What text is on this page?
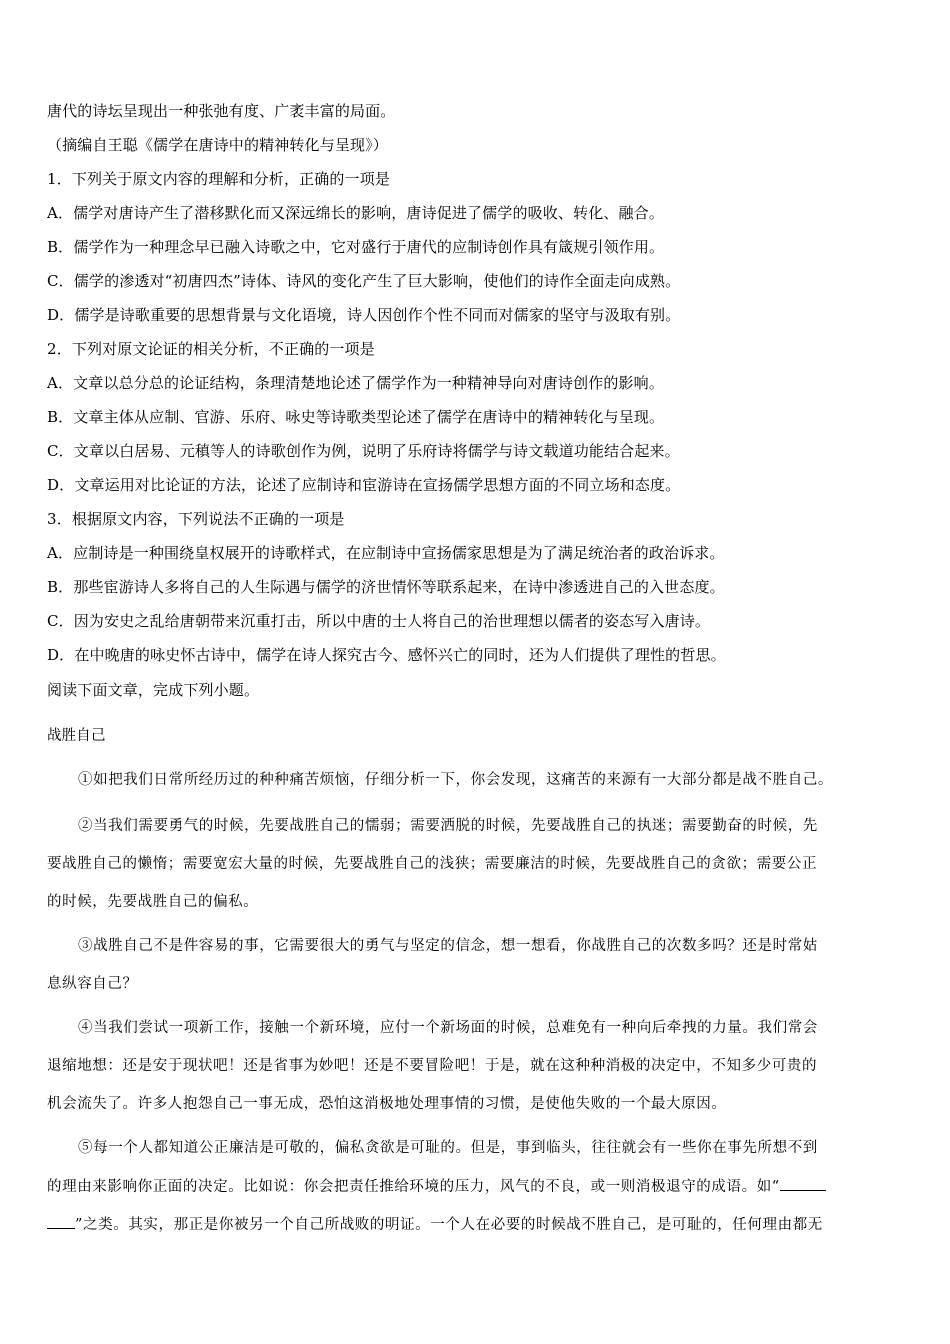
唐代的诗坛呈现出一种张弛有度、广袤丰富的局面。
（摘编自王聪《儒学在唐诗中的精神转化与呈现》）
1．下列关于原文内容的理解和分析，正确的一项是
A．儒学对唐诗产生了潜移默化而又深远绵长的影响，唐诗促进了儒学的吸收、转化、融合。
B．儒学作为一种理念早已融入诗歌之中，它对盛行于唐代的应制诗创作具有箴规引领作用。
C．儒学的渗透对“初唐四杰”诗体、诗风的变化产生了巨大影响，使他们的诗作全面走向成熟。
D．儒学是诗歌重要的思想背景与文化语境，诗人因创作个性不同而对儒家的坚守与汲取有别。
2．下列对原文论证的相关分析，不正确的一项是
A．文章以总分总的论证结构，条理清楚地论述了儒学作为一种精神导向对唐诗创作的影响。
B．文章主体从应制、官游、乐府、咏史等诗歌类型论述了儒学在唐诗中的精神转化与呈现。
C．文章以白居易、元稹等人的诗歌创作为例，说明了乐府诗将儒学与诗文载道功能结合起来。
D．文章运用对比论证的方法，论述了应制诗和宦游诗在宣扬儒学思想方面的不同立场和态度。
3．根据原文内容，下列说法不正确的一项是
A．应制诗是一种围绕皇权展开的诗歌样式，在应制诗中宣扬儒家思想是为了满足统治者的政治诉求。
B．那些宦游诗人多将自己的人生际遇与儒学的济世情怀等联系起来，在诗中渗透进自己的入世态度。
C．因为安史之乱给唐朝带来沉重打击，所以中唐的士人将自己的治世理想以儒者的姿态写入唐诗。
D．在中晚唐的咏史怀古诗中，儒学在诗人探究古今、感怀兴亡的同时，还为人们提供了理性的哲思。
阅读下面文章，完成下列小题。
战胜自己
①如把我们日常所经历过的种种痛苦烦恼，仔细分析一下，你会发现，这痛苦的来源有一大部分都是战不胜自己。
②当我们需要勇气的时候，先要战胜自己的懦弱；需要洒脱的时候，先要战胜自己的执迷；需要勤奋的时候，先
要战胜自己的懒惰；需要宽宏大量的时候，先要战胜自己的浅狭；需要廉洁的时候，先要战胜自己的贪欲；需要公正
的时候，先要战胜自己的偏私。
③战胜自己不是件容易的事，它需要很大的勇气与坚定的信念，想一想看，你战胜自己的次数多吗？还是时常姑
息纵容自己？
④当我们尝试一项新工作，接触一个新环境，应付一个新场面的时候，总难免有一种向后牵拽的力量。我们常会
退缩地想：还是安于现状吧！还是省事为妙吧！还是不要冒险吧！于是，就在这种种消极的决定中，不知多少可贵的
机会流失了。许多人抱怨自己一事无成，恐怕这消极地处理事情的习惯，是使他失败的一个最大原因。
⑤每一个人都知道公正廉洁是可敬的，偏私贪欲是可耻的。但是，事到临头，往往就会有一些你在事先所想不到
的理由来影响你正面的决定。比如说：你会把责任推给环境的压力，风气的不良，或一则消极退守的成语。如“
”之类。其实，那正是你被另一个自己所战败的明证。一个人在必要的时候战不胜自己，是可耻的，任何理由都无
